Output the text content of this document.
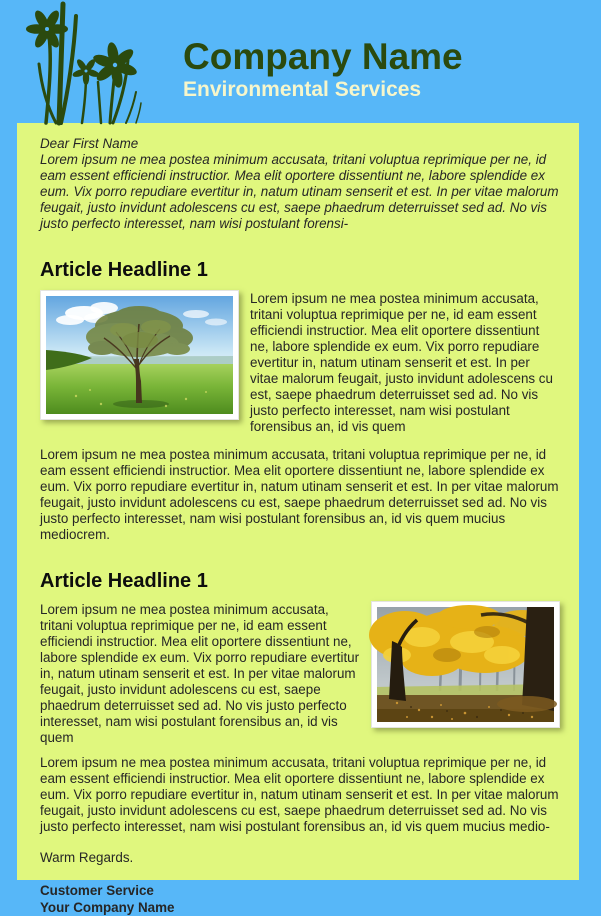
Company Name
Environmental Services

Dear First Name
Lorem ipsum ne mea postea minimum accusata, tritani voluptua reprimique per ne, id eam essent efficiendi instructior. Mea elit oportere dissentiunt ne, labore splendide ex eum. Vix porro repudiare evertitur in, natum utinam senserit et est. In per vitae malorum feugait, justo invidunt adolescens cu est, saepe phaedrum deterruisset sed ad. No vis justo perfecto interesset, nam wisi postulant forensi-

Article Headline 1

Lorem ipsum ne mea postea minimum accusata, tritani voluptua reprimique per ne, id eam essent efficiendi instructior. Mea elit oportere dissentiunt ne, labore splendide ex eum. Vix porro repudiare evertitur in, natum utinam senserit et est. In per vitae malorum feugait, justo invidunt adolescens cu est, saepe phaedrum deterruisset sed ad. No vis justo perfecto interesset, nam wisi postulant forensibus an, id vis quem

Lorem ipsum ne mea postea minimum accusata, tritani voluptua reprimique per ne, id eam essent efficiendi instructior. Mea elit oportere dissentiunt ne, labore splendide ex eum. Vix porro repudiare evertitur in, natum utinam senserit et est. In per vitae malorum feugait, justo invidunt adolescens cu est, saepe phaedrum deterruisset sed ad. No vis justo perfecto interesset, nam wisi postulant forensibus an, id vis quem mucius mediocrem.

Article Headline 1

Lorem ipsum ne mea postea minimum accusata, tritani voluptua reprimique per ne, id eam essent efficiendi instructior. Mea elit oportere dissentiunt ne, labore splendide ex eum. Vix porro repudiare evertitur in, natum utinam senserit et est. In per vitae malorum feugait, justo invidunt adolescens cu est, saepe phaedrum deterruisset sed ad. No vis justo perfecto interesset, nam wisi postulant forensibus an, id vis quem

Lorem ipsum ne mea postea minimum accusata, tritani voluptua reprimique per ne, id eam essent efficiendi instructior. Mea elit oportere dissentiunt ne, labore splendide ex eum. Vix porro repudiare evertitur in, natum utinam senserit et est. In per vitae malorum feugait, justo invidunt adolescens cu est, saepe phaedrum deterruisset sed ad. No vis justo perfecto interesset, nam wisi postulant forensibus an, id vis quem mucius medio-

Warm Regards.

Customer Service
Your Company Name
